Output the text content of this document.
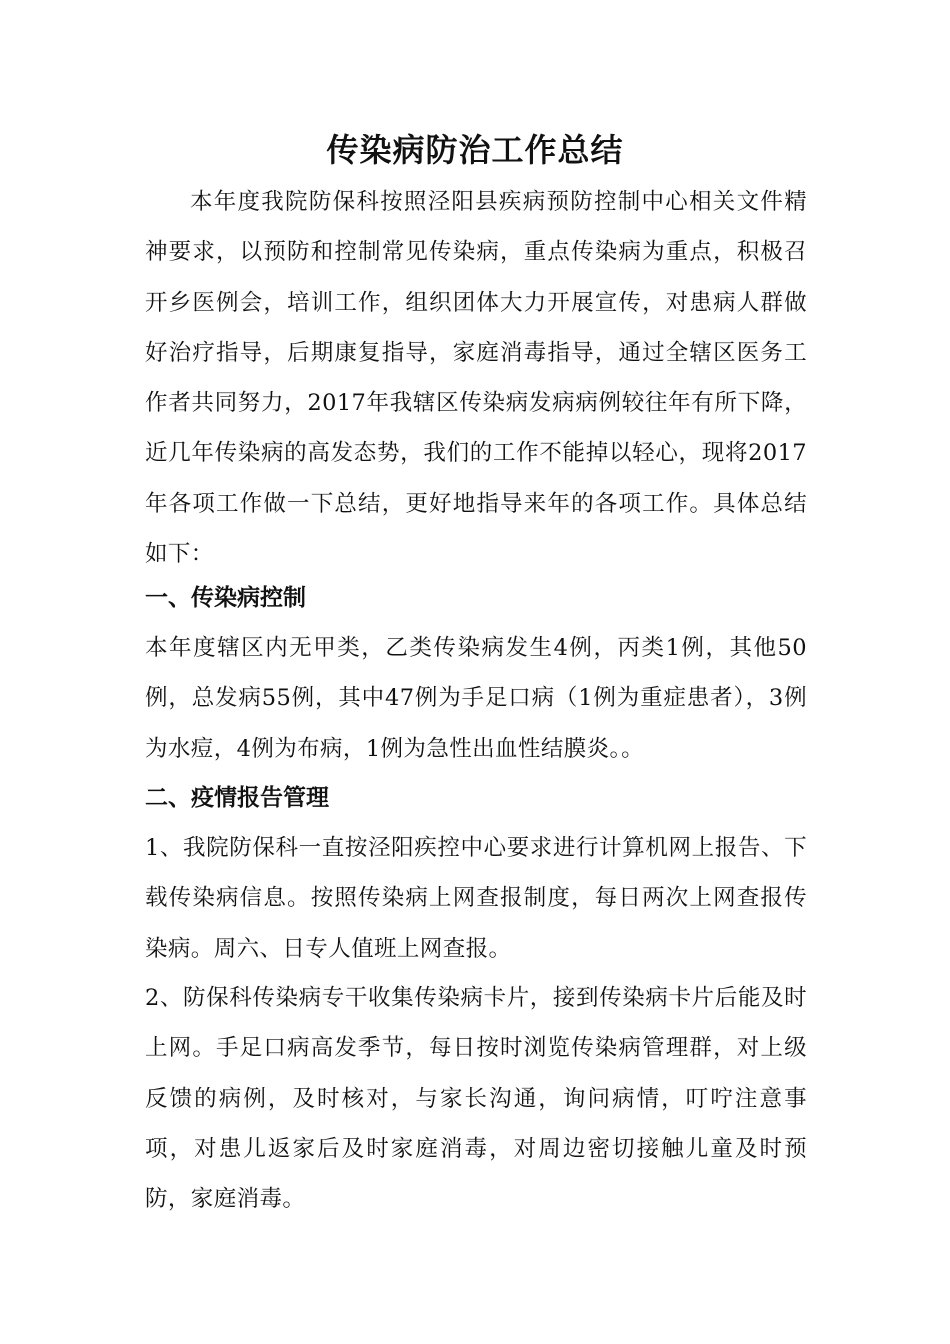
传染病防治工作总结
本年度我院防保科按照泾阳县疾病预防控制中心相关文件精神要求，以预防和控制常见传染病，重点传染病为重点，积极召开乡医例会，培训工作，组织团体大力开展宣传，对患病人群做好治疗指导，后期康复指导，家庭消毒指导，通过全辖区医务工作者共同努力，2017年我辖区传染病发病病例较往年有所下降，近几年传染病的高发态势，我们的工作不能掉以轻心，现将2017年各项工作做一下总结，更好地指导来年的各项工作。具体总结如下：
一、传染病控制
本年度辖区内无甲类，乙类传染病发生4例，丙类1例，其他50例，总发病55例，其中47例为手足口病（1例为重症患者），3例为水痘，4例为布病，1例为急性出血性结膜炎。。
二、疫情报告管理
1、我院防保科一直按泾阳疾控中心要求进行计算机网上报告、下载传染病信息。按照传染病上网查报制度，每日两次上网查报传染病。周六、日专人值班上网查报。
2、防保科传染病专干收集传染病卡片，接到传染病卡片后能及时上网。手足口病高发季节，每日按时浏览传染病管理群，对上级反馈的病例，及时核对，与家长沟通，询问病情，叮咛注意事项，对患儿返家后及时家庭消毒，对周边密切接触儿童及时预防，家庭消毒。
